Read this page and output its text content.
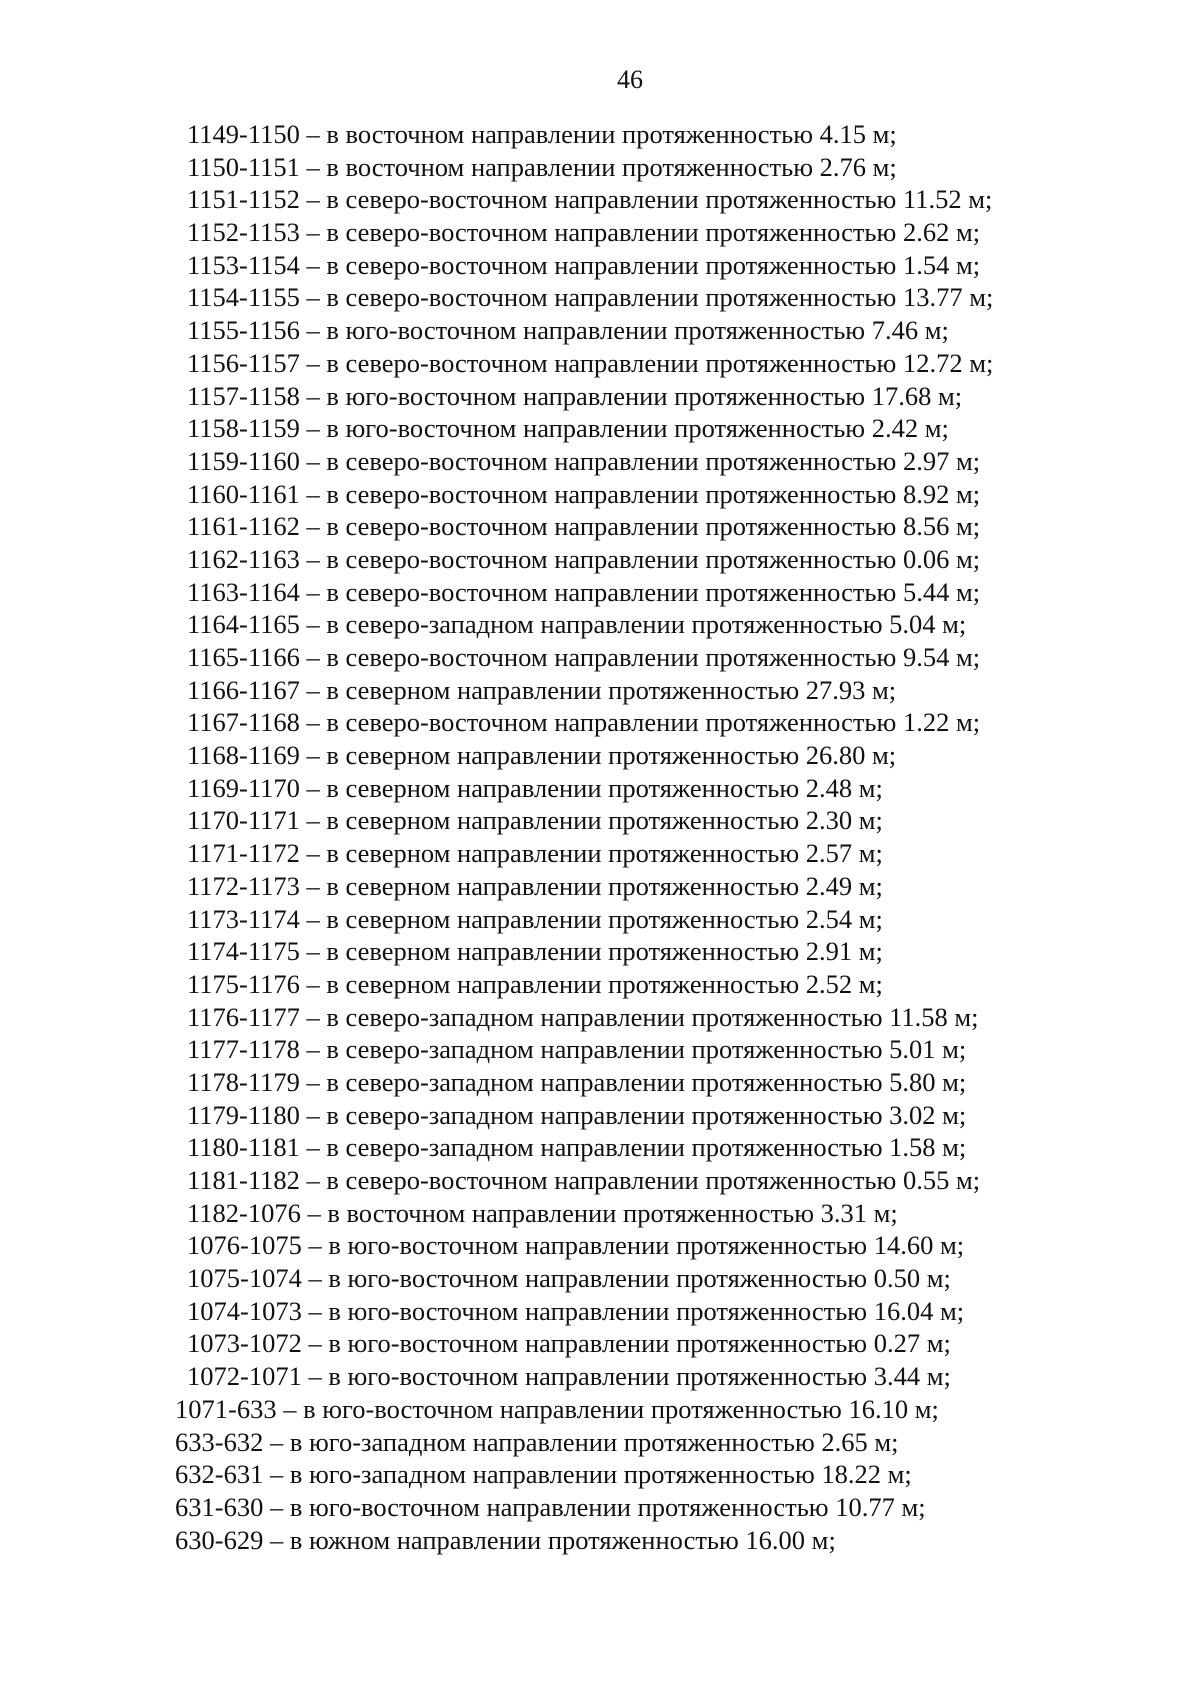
46
1149-1150 – в восточном направлении протяженностью 4.15 м;
1150-1151 – в восточном направлении протяженностью 2.76 м;
1151-1152 – в северо-восточном направлении протяженностью 11.52 м;
1152-1153 – в северо-восточном направлении протяженностью 2.62 м;
1153-1154 – в северо-восточном направлении протяженностью 1.54 м;
1154-1155 – в северо-восточном направлении протяженностью 13.77 м;
1155-1156 – в юго-восточном направлении протяженностью 7.46 м;
1156-1157 – в северо-восточном направлении протяженностью 12.72 м;
1157-1158 – в юго-восточном направлении протяженностью 17.68 м;
1158-1159 – в юго-восточном направлении протяженностью 2.42 м;
1159-1160 – в северо-восточном направлении протяженностью 2.97 м;
1160-1161 – в северо-восточном направлении протяженностью 8.92 м;
1161-1162 – в северо-восточном направлении протяженностью 8.56 м;
1162-1163 – в северо-восточном направлении протяженностью 0.06 м;
1163-1164 – в северо-восточном направлении протяженностью 5.44 м;
1164-1165 – в северо-западном направлении протяженностью 5.04 м;
1165-1166 – в северо-восточном направлении протяженностью 9.54 м;
1166-1167 – в северном направлении протяженностью 27.93 м;
1167-1168 – в северо-восточном направлении протяженностью 1.22 м;
1168-1169 – в северном направлении протяженностью 26.80 м;
1169-1170 – в северном направлении протяженностью 2.48 м;
1170-1171 – в северном направлении протяженностью 2.30 м;
1171-1172 – в северном направлении протяженностью 2.57 м;
1172-1173 – в северном направлении протяженностью 2.49 м;
1173-1174 – в северном направлении протяженностью 2.54 м;
1174-1175 – в северном направлении протяженностью 2.91 м;
1175-1176 – в северном направлении протяженностью 2.52 м;
1176-1177 – в северо-западном направлении протяженностью 11.58 м;
1177-1178 – в северо-западном направлении протяженностью 5.01 м;
1178-1179 – в северо-западном направлении протяженностью 5.80 м;
1179-1180 – в северо-западном направлении протяженностью 3.02 м;
1180-1181 – в северо-западном направлении протяженностью 1.58 м;
1181-1182 – в северо-восточном направлении протяженностью 0.55 м;
1182-1076 – в восточном направлении протяженностью 3.31 м;
1076-1075 – в юго-восточном направлении протяженностью 14.60 м;
1075-1074 – в юго-восточном направлении протяженностью 0.50 м;
1074-1073 – в юго-восточном направлении протяженностью 16.04 м;
1073-1072 – в юго-восточном направлении протяженностью 0.27 м;
1072-1071 – в юго-восточном направлении протяженностью 3.44 м;
1071-633 – в юго-восточном направлении протяженностью 16.10 м;
633-632 – в юго-западном направлении протяженностью 2.65 м;
632-631 – в юго-западном направлении протяженностью 18.22 м;
631-630 – в юго-восточном направлении протяженностью 10.77 м;
630-629 – в южном направлении протяженностью 16.00 м;
